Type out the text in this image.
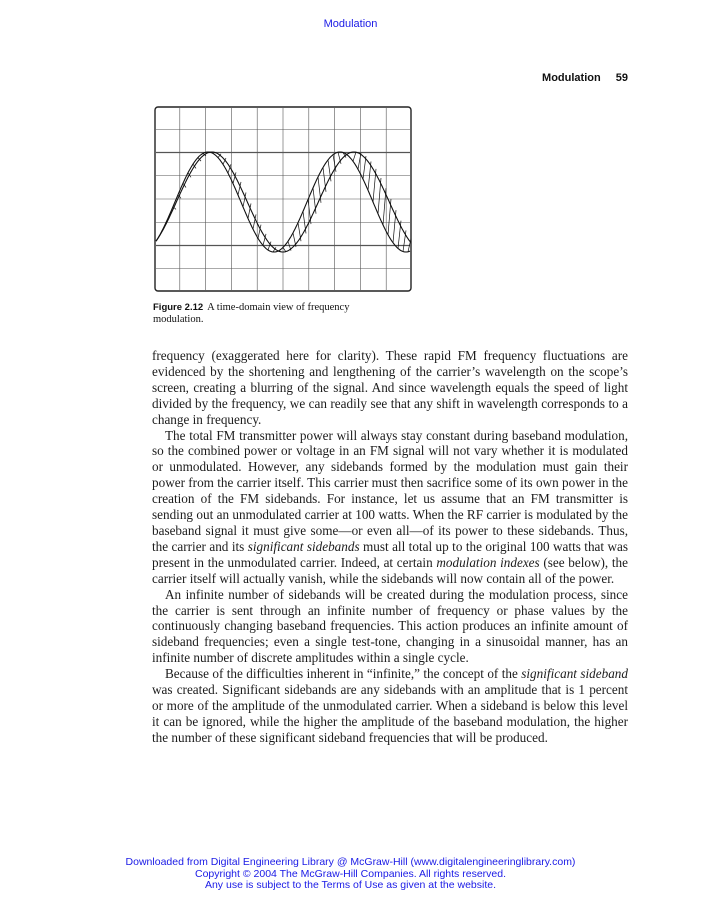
Modulation
Modulation 59
Figure 2.12 A time-domain view of frequency modulation.

frequency (exaggerated here for clarity). These rapid FM frequency fluctuations are evidenced by the shortening and lengthening of the carrier’s wavelength on the scope’s screen, creating a blurring of the signal. And since wavelength equals the speed of light divided by the frequency, we can readily see that any shift in wavelength corresponds to a change in frequency.

The total FM transmitter power will always stay constant during baseband modulation, so the combined power or voltage in an FM signal will not vary whether it is modulated or unmodulated. However, any sidebands formed by the modulation must gain their power from the carrier itself. This carrier must then sacrifice some of its own power in the creation of the FM sidebands. For instance, let us assume that an FM transmitter is sending out an unmodulated carrier at 100 watts. When the RF carrier is modulated by the baseband signal it must give some—or even all—of its power to these sidebands. Thus, the carrier and its significant sidebands must all total up to the original 100 watts that was present in the unmodulated carrier. Indeed, at certain modulation indexes (see below), the carrier itself will actually vanish, while the sidebands will now contain all of the power.

An infinite number of sidebands will be created during the modulation process, since the carrier is sent through an infinite number of frequency or phase values by the continuously changing baseband frequencies. This action produces an infinite amount of sideband frequencies; even a single test-tone, changing in a sinusoidal manner, has an infinite number of discrete amplitudes within a single cycle.

Because of the difficulties inherent in “infinite,” the concept of the significant sideband was created. Significant sidebands are any sidebands with an amplitude that is 1 percent or more of the amplitude of the unmodulated carrier. When a sideband is below this level it can be ignored, while the higher the amplitude of the baseband modulation, the higher the number of these significant sideband frequencies that will be produced.

Downloaded from Digital Engineering Library @ McGraw-Hill (www.digitalengineeringlibrary.com)
Copyright © 2004 The McGraw-Hill Companies. All rights reserved.
Any use is subject to the Terms of Use as given at the website.
